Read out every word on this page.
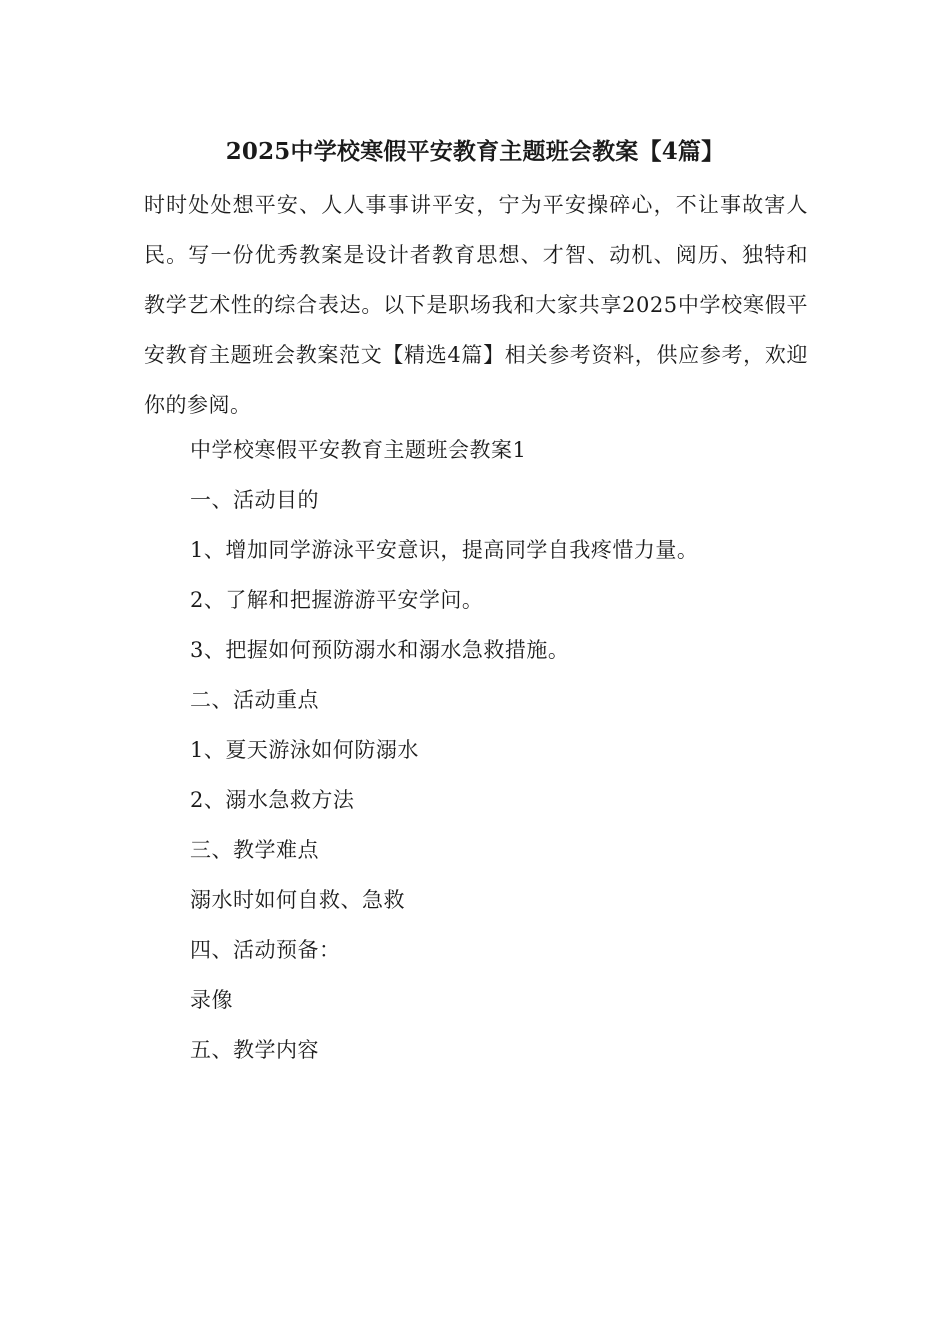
2025中学校寒假平安教育主题班会教案【4篇】

时时处处想平安、人人事事讲平安，宁为平安操碎心，不让事故害人民。写一份优秀教案是设计者教育思想、才智、动机、阅历、独特和教学艺术性的综合表达。以下是职场我和大家共享2025中学校寒假平安教育主题班会教案范文【精选4篇】相关参考资料，供应参考，欢迎你的参阅。

中学校寒假平安教育主题班会教案1
一、活动目的
1、增加同学游泳平安意识，提高同学自我疼惜力量。
2、了解和把握游游平安学问。
3、把握如何预防溺水和溺水急救措施。
二、活动重点
1、夏天游泳如何防溺水
2、溺水急救方法
三、教学难点
溺水时如何自救、急救
四、活动预备：
录像
五、教学内容
